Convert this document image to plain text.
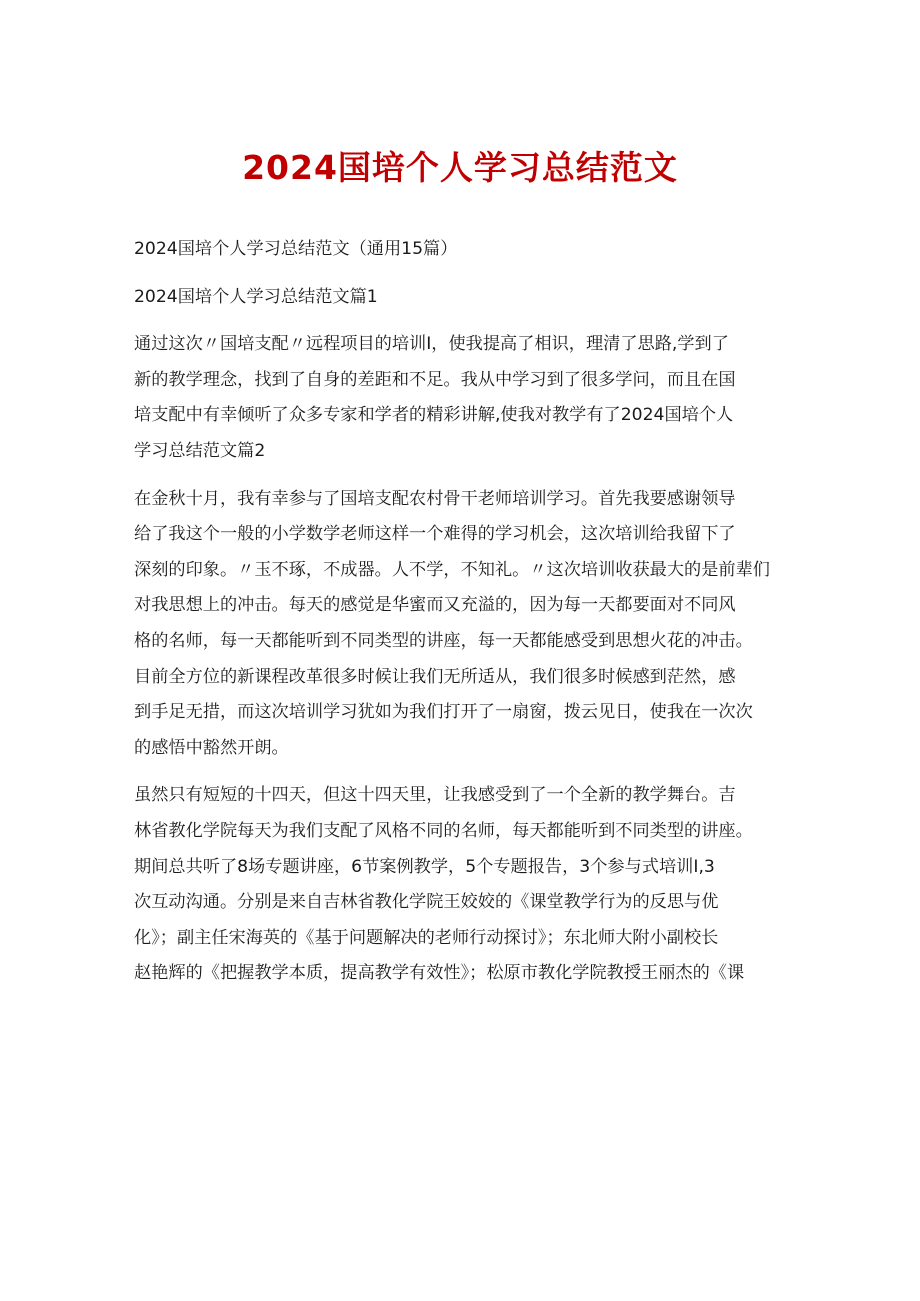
2024国培个人学习总结范文
2024国培个人学习总结范文（通用15篇）
2024国培个人学习总结范文篇1
通过这次〃国培支配〃远程项目的培训I，使我提高了相识，理清了思路,学到了
新的教学理念，找到了自身的差距和不足。我从中学习到了很多学问，而且在国
培支配中有幸倾听了众多专家和学者的精彩讲解,使我对教学有了2024国培个人
学习总结范文篇2
在金秋十月，我有幸参与了国培支配农村骨干老师培训学习。首先我要感谢领导
给了我这个一般的小学数学老师这样一个难得的学习机会，这次培训给我留下了
深刻的印象。〃玉不琢，不成器。人不学，不知礼。〃这次培训收获最大的是前辈们
对我思想上的冲击。每天的感觉是华蜜而又充溢的，因为每一天都要面对不同风
格的名师，每一天都能听到不同类型的讲座，每一天都能感受到思想火花的冲击。
目前全方位的新课程改革很多时候让我们无所适从，我们很多时候感到茫然，感
到手足无措，而这次培训学习犹如为我们打开了一扇窗，拨云见日，使我在一次次
的感悟中豁然开朗。
虽然只有短短的十四天，但这十四天里，让我感受到了一个全新的教学舞台。吉
林省教化学院每天为我们支配了风格不同的名师，每天都能听到不同类型的讲座。
期间总共听了8场专题讲座，6节案例教学，5个专题报告，3个参与式培训I,3
次互动沟通。分别是来自吉林省教化学院王姣姣的《课堂教学行为的反思与优
化》；副主任宋海英的《基于问题解决的老师行动探讨》；东北师大附小副校长
赵艳辉的《把握教学本质，提高教学有效性》；松原市教化学院教授王丽杰的《课
